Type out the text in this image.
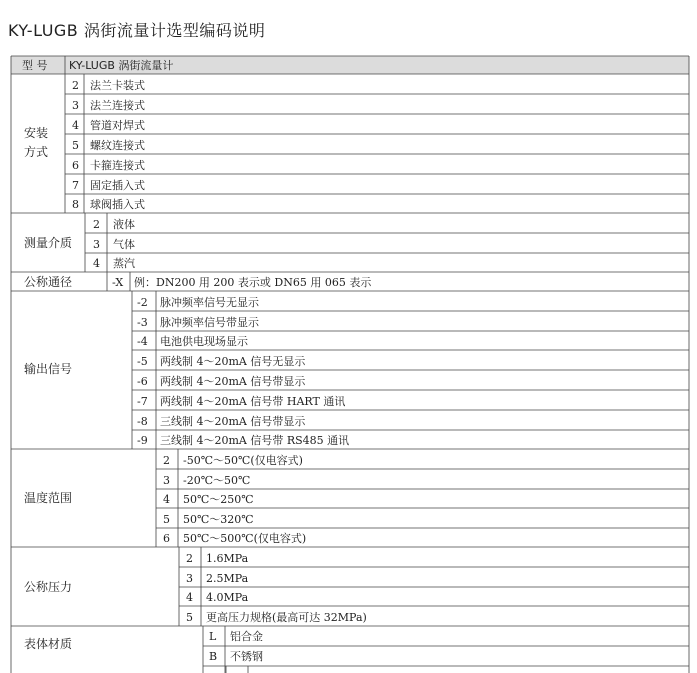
KY-LUGB 涡街流量计选型编码说明
型 号 KY-LUGB 涡街流量计
安装
方式
2 法兰卡装式
3 法兰连接式
4 管道对焊式
5 螺纹连接式
6 卡箍连接式
7 固定插入式
8 球阀插入式
测量介质
2 液体
3 气体
4 蒸汽
公称通径	-X 例：DN200 用 200 表示或 DN65 用 065 表示
输出信号
-2 脉冲频率信号无显示
-3 脉冲频率信号带显示
-4 电池供电现场显示
-5 两线制 4～20mA 信号无显示
-6 两线制 4～20mA 信号带显示
-7 两线制 4～20mA 信号带 HART 通讯
-8 三线制 4～20mA 信号带显示
-9 三线制 4～20mA 信号带 RS485 通讯
温度范围
2 -50℃～50℃(仅电容式)
3 -20℃～50℃
4 50℃～250℃
5 50℃～320℃
6 50℃～500℃(仅电容式)
公称压力
2 1.6MPa
3 2.5MPa
4 4.0MPa
5 更高压力规格(最高可达 32MPa)
表体材质
L 铝合金
B 不锈钢
